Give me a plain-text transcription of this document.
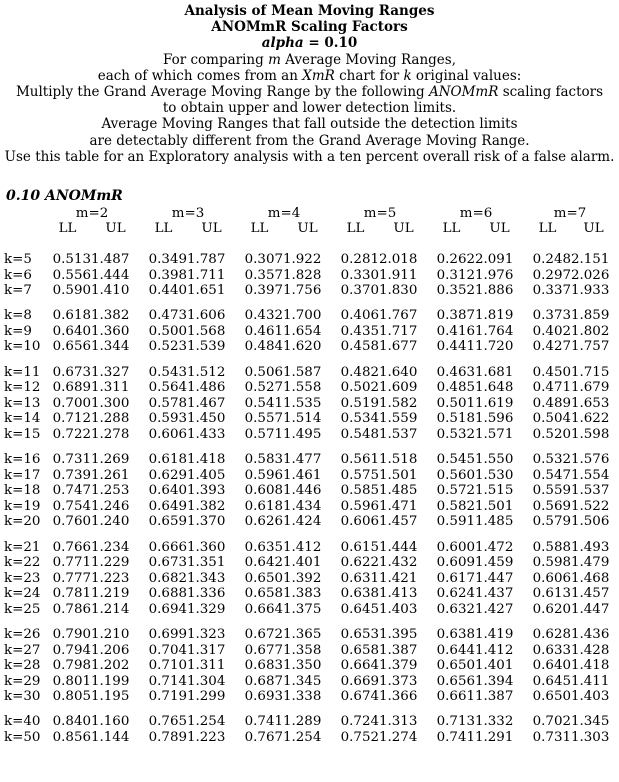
Analysis of Mean Moving Ranges
ANOMmR Scaling Factors
alpha = 0.10
For comparing m Average Moving Ranges,
each of which comes from an XmR chart for k original values:
Multiply the Grand Average Moving Range by the following ANOMmR scaling factors
to obtain upper and lower detection limits.
Average Moving Ranges that fall outside the detection limits
are detectably different from the Grand Average Moving Range.
Use this table for an Exploratory analysis with a ten percent overall risk of a false alarm.
0.10 ANOMmR
	m=2		m=3		m=4		m=5		m=6		m=7	
	LL	UL	LL	UL	LL	UL	LL	UL	LL	UL	LL	UL

k=5	0.513	1.487	0.349	1.787	0.307	1.922	0.281	2.018	0.262	2.091	0.248	2.151
k=6	0.556	1.444	0.398	1.711	0.357	1.828	0.330	1.911	0.312	1.976	0.297	2.026
k=7	0.590	1.410	0.440	1.651	0.397	1.756	0.370	1.830	0.352	1.886	0.337	1.933

k=8	0.618	1.382	0.473	1.606	0.432	1.700	0.406	1.767	0.387	1.819	0.373	1.859
k=9	0.640	1.360	0.500	1.568	0.461	1.654	0.435	1.717	0.416	1.764	0.402	1.802
k=10	0.656	1.344	0.523	1.539	0.484	1.620	0.458	1.677	0.441	1.720	0.427	1.757

k=11	0.673	1.327	0.543	1.512	0.506	1.587	0.482	1.640	0.463	1.681	0.450	1.715
k=12	0.689	1.311	0.564	1.486	0.527	1.558	0.502	1.609	0.485	1.648	0.471	1.679
k=13	0.700	1.300	0.578	1.467	0.541	1.535	0.519	1.582	0.501	1.619	0.489	1.653
k=14	0.712	1.288	0.593	1.450	0.557	1.514	0.534	1.559	0.518	1.596	0.504	1.622
k=15	0.722	1.278	0.606	1.433	0.571	1.495	0.548	1.537	0.532	1.571	0.520	1.598

k=16	0.731	1.269	0.618	1.418	0.583	1.477	0.561	1.518	0.545	1.550	0.532	1.576
k=17	0.739	1.261	0.629	1.405	0.596	1.461	0.575	1.501	0.560	1.530	0.547	1.554
k=18	0.747	1.253	0.640	1.393	0.608	1.446	0.585	1.485	0.572	1.515	0.559	1.537
k=19	0.754	1.246	0.649	1.382	0.618	1.434	0.596	1.471	0.582	1.501	0.569	1.522
k=20	0.760	1.240	0.659	1.370	0.626	1.424	0.606	1.457	0.591	1.485	0.579	1.506

k=21	0.766	1.234	0.666	1.360	0.635	1.412	0.615	1.444	0.600	1.472	0.588	1.493
k=22	0.771	1.229	0.673	1.351	0.642	1.401	0.622	1.432	0.609	1.459	0.598	1.479
k=23	0.777	1.223	0.682	1.343	0.650	1.392	0.631	1.421	0.617	1.447	0.606	1.468
k=24	0.781	1.219	0.688	1.336	0.658	1.383	0.638	1.413	0.624	1.437	0.613	1.457
k=25	0.786	1.214	0.694	1.329	0.664	1.375	0.645	1.403	0.632	1.427	0.620	1.447

k=26	0.790	1.210	0.699	1.323	0.672	1.365	0.653	1.395	0.638	1.419	0.628	1.436
k=27	0.794	1.206	0.704	1.317	0.677	1.358	0.658	1.387	0.644	1.412	0.633	1.428
k=28	0.798	1.202	0.710	1.311	0.683	1.350	0.664	1.379	0.650	1.401	0.640	1.418
k=29	0.801	1.199	0.714	1.304	0.687	1.345	0.669	1.373	0.656	1.394	0.645	1.411
k=30	0.805	1.195	0.719	1.299	0.693	1.338	0.674	1.366	0.661	1.387	0.650	1.403

k=40	0.840	1.160	0.765	1.254	0.741	1.289	0.724	1.313	0.713	1.332	0.702	1.345
k=50	0.856	1.144	0.789	1.223	0.767	1.254	0.752	1.274	0.741	1.291	0.731	1.303
